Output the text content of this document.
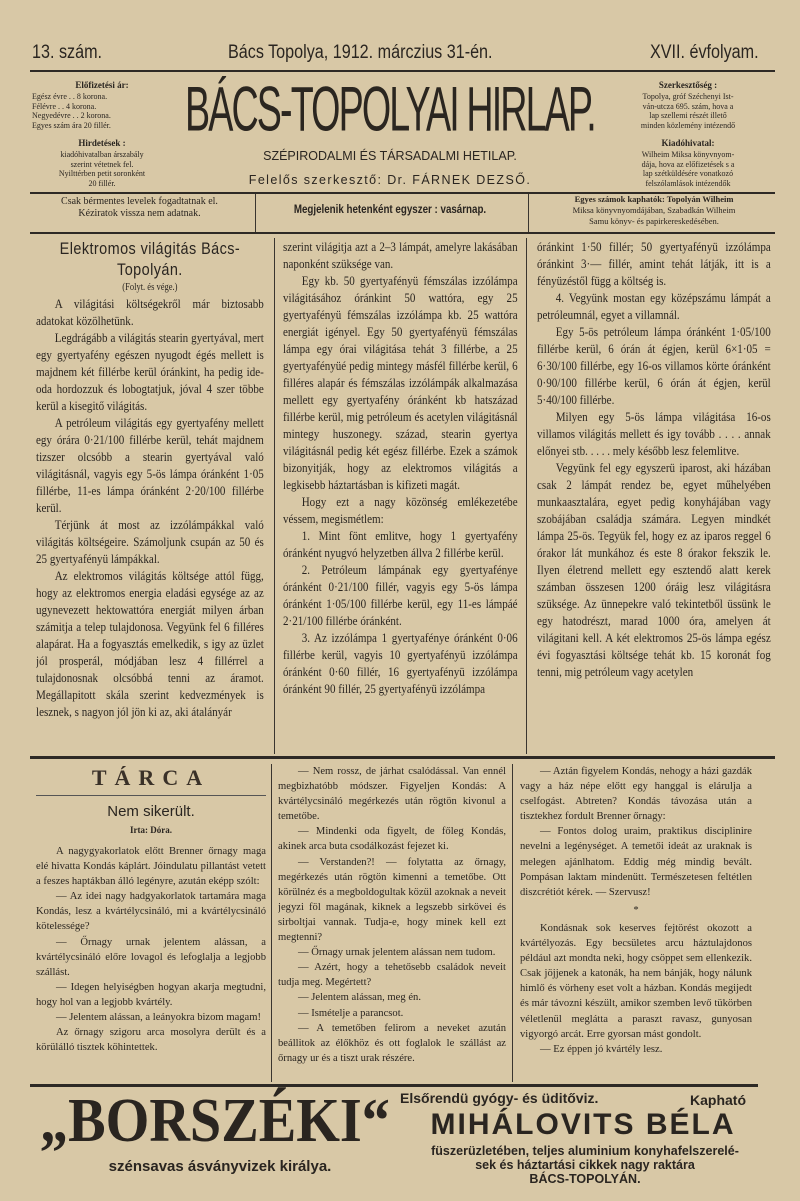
13. szám.	Bács Topolya, 1912. márczius 31-én.	XVII. évfolyam.
Előfizetési ár:
Egész évre . . 8 korona.
Félévre . . 4 korona.
Negyedévre . . 2 korona.
Egyes szám ára 20 fillér.
Hirdetések :
kiadóhivatalban árszabály
szerint vétetnek fel.
Nyilttérben petit soronként
20 fillér.
BÁCS-TOPOLYAI HIRLAP.
SZÉPIRODALMI ÉS TÁRSADALMI HETILAP.
Felelős szerkesztő: Dr. FÁRNEK DEZSŐ.
Szerkesztőség :
Topolya, gróf Széchenyi Ist-
ván-utcza 695. szám, hova a
lap szellemi részét illető
minden közlemény intézendő
Kiadóhivatal:
Wilheim Miksa könyvnyom-
dája, hova az előfizetések s a
lap szétküldésére vonatkozó
felszólamlások intézendők
Csak bérmentes levelek fogadtatnak el.
Kéziratok vissza nem adatnak.	Megjelenik hetenként egyszer : vasárnap.
Egyes számok kaphatók: Topolyán Wilheim
Miksa könyvnyomdájában, Szabadkán Wilheim
Samu könyv- és papirkereskedésében.
Elektromos világitás Bács-Topolyán.
(Folyt. és vége.)

A világitási költségekről már biztosabb adatokat közölhetünk.

Legdrágább a világitás stearin gyertyával, mert egy gyertyafény egészen nyugodt égés mellett is majdnem két fillérbe kerül óránkint, ha pedig ide-oda hordozzuk és lobogtatjuk, jóval 4 szer többe kerül a kisegitő világitás.

A petróleum világitás egy gyertyafény mellett egy órára 0·21/100 fillérbe kerül, tehát majdnem tizszer olcsóbb a stearin gyertyával való világitásnál, vagyis egy 5-ös lámpa óránként 1·05 fillérbe, 11-es lámpa óránként 2·20/100 fillérbe kerül.

Térjünk át most az izzólámpákkal való világitás költségeire. Számoljunk csupán az 50 és 25 gyertyafényü lámpákkal.

Az elektromos világitás költsége attól függ, hogy az elektromos energia eladási egysége az az ugynevezett hektowattóra energiát milyen árban számitja a telep tulajdonosa. Vegyünk fel 6 filléres alapárat. Ha a fogyasztás emelkedik, s igy az üzlet jól prosperál, módjában lesz 4 fillérrel a tulajdonosnak olcsóbbá tenni az áramot. Megállapitott skála szerint kedvezmények is lesznek, s nagyon jól jön ki az, aki átalányár

szerint világitja azt a 2–3 lámpát, amelyre lakásában naponként szüksége van.

Egy kb. 50 gyertyafényü fémszálas izzólámpa világitásához óránkint 50 wattóra, egy 25 gyertyafényü fémszálas izzólámpa kb. 25 wattóra energiát igényel. Egy 50 gyertyafényü fémszálas lámpa egy órai világitása tehát 3 fillérbe, a 25 gyertyafényüé pedig mintegy másfél fillérbe kerül, 6 filléres alapár és fémszálas izzólámpák alkalmazása mellett egy gyertyafény óránként kb hatszázad fillérbe kerül, mig petróleum és acetylen világitásnál mintegy huszonegy. század, stearin gyertya világitásnál pedig két egész fillérbe. Ezek a számok bizonyitják, hogy az elektromos világitás a legkisebb háztartásban is kifizeti magát.

Hogy ezt a nagy közönség emlékezetébe véssem, megismétlem:

1. Mint fönt emlitve, hogy 1 gyertyafény óránként nyugvó helyzetben állva 2 fillérbe kerül.

2. Petróleum lámpának egy gyertyafénye óránként 0·21/100 fillér, vagyis egy 5-ös lámpa óránként 1·05/100 fillérbe kerül, egy 11-es lámpáé 2·21/100 fillérbe óránként.

3. Az izzólámpa 1 gyertyafénye óránként 0·06 fillérbe kerül, vagyis 10 gyertyafényü izzólámpa óránként 0·60 fillér, 16 gyertyafényü izzólámpa óránként 90 fillér, 25 gyertyafényü izzólámpa

óránkint 1·50 fillér; 50 gyertyafényü izzólámpa óránkint 3·— fillér, amint tehát látják, itt is a fényüzéstől függ a költség is.

4. Vegyünk mostan egy középszámu lámpát a petróleumnál, egyet a villamnál.

Egy 5-ös petróleum lámpa óránként 1·05/100 fillérbe kerül, 6 órán át égjen, kerül 6×1·05 = 6·30/100 fillérbe, egy 16-os villamos körte óránként 0·90/100 fillérbe kerül, 6 órán át égjen, kerül 5·40/100 fillérbe.

Milyen egy 5-ös lámpa világitása 16-os villamos világitás mellett és igy tovább . . . . annak előnyei stb. . . . . mely később lesz felemlitve.

Vegyünk fel egy egyszerü iparost, aki házában csak 2 lámpát rendez be, egyet műhelyében munkaasztalára, egyet pedig konyhájában vagy szobájában családja számára. Legyen mindkét lámpa 25-ös. Tegyük fel, hogy ez az iparos reggel 6 órakor lát munkához és este 8 órakor fekszik le. Ilyen életrend mellett egy esztendő alatt kerek számban összesen 1200 óráig lesz világitásra szüksége. Az ünnepekre való tekintetből üssünk le egy hatodrészt, marad 1000 óra, amelyen át világitani kell. A két elektromos 25-ös lámpa egész évi fogyasztási költsége tehát kb. 15 koronát fog tenni, mig petróleum vagy acetylen

TÁRCA
Nem sikerült.
Irta: Dóra.

A nagygyakorlatok előtt Brenner őrnagy maga elé hivatta Kondás káplárt. Jóindulatu pillantást vetett a feszes haptákban álló legényre, azután eképp szólt:

— Az idei nagy hadgyakorlatok tartamára maga Kondás, lesz a kvártélycsináló, mi a kvártélycsináló kötelessége?

— Őrnagy urnak jelentem alássan, a kvártélycsináló előre lovagol és lefoglalja a legjobb szállást.

— Idegen helyiségben hogyan akarja megtudni, hogy hol van a legjobb kvártély.

— Jelentem alássan, a leányokra bizom magam!

Az őrnagy szigoru arca mosolyra derült és a körülálló tisztek köhintettek.

— Nem rossz, de járhat csalódással. Van ennél megbizhatóbb módszer. Figyeljen Kondás: A kvártélycsináló megérkezés után rögtön kivonul a temetőbe.

— Mindenki oda figyelt, de főleg Kondás, akinek arca buta csodálkozást fejezet ki.

— Verstanden?! — folytatta az őrnagy, megérkezés után rögtön kimenni a temetőbe. Ott körülnéz és a megboldogultak közül azoknak a neveit jegyzi föl magának, kiknek a legszebb sirkövei és sirboltjai vannak. Tudja-e, hogy minek kell ezt megtenni?

— Őrnagy urnak jelentem alássan nem tudom.

— Azért, hogy a tehetősebb családok neveit tudja meg. Megértett?

— Jelentem alássan, meg én.

— Ismételje a parancsot.

— A temetőben felirom a neveket azután beállitok az élőkhöz és ott foglalok le szállást az őrnagy ur és a tiszt urak részére.

— Aztán figyelem Kondás, nehogy a házi gazdák vagy a ház népe előtt egy hanggal is elárulja a cselfogást. Abtreten? Kondás távozása után a tisztekhez fordult Brenner őrnagy:

— Fontos dolog uraim, praktikus disciplinire nevelni a legénységet. A temetői ideát az uraknak is melegen ajánlhatom. Eddig még mindig bevált. Pompásan laktam mindenütt. Természetesen feltétlen diszcrétiót kérek. — Szervusz!

*

Kondásnak sok keserves fejtörést okozott a kvártélyozás. Egy becsületes arcu háztulajdonos például azt mondta neki, hogy csöppet sem ellenkezik. Csak jöjjenek a katonák, ha nem bánják, hogy nálunk himlő és vörheny eset volt a házban. Kondás megijedt és már távozni készült, amikor szemben levő tükörben véletlenül meglátta a paraszt ravasz, gunyosan vigyorgó arcát. Erre gyorsan mást gondolt.

— Ez éppen jó kvártély lesz.

„BORSZÉKI“
szénsavas ásványvizek királya.
Elsőrendü gyógy- és üditőviz.	Kapható
MIHÁLOVITS BÉLA
füszerüzletében, teljes aluminium konyhafelszerelé-
sek és háztartási cikkek nagy raktára
BÁCS-TOPOLYÁN.
